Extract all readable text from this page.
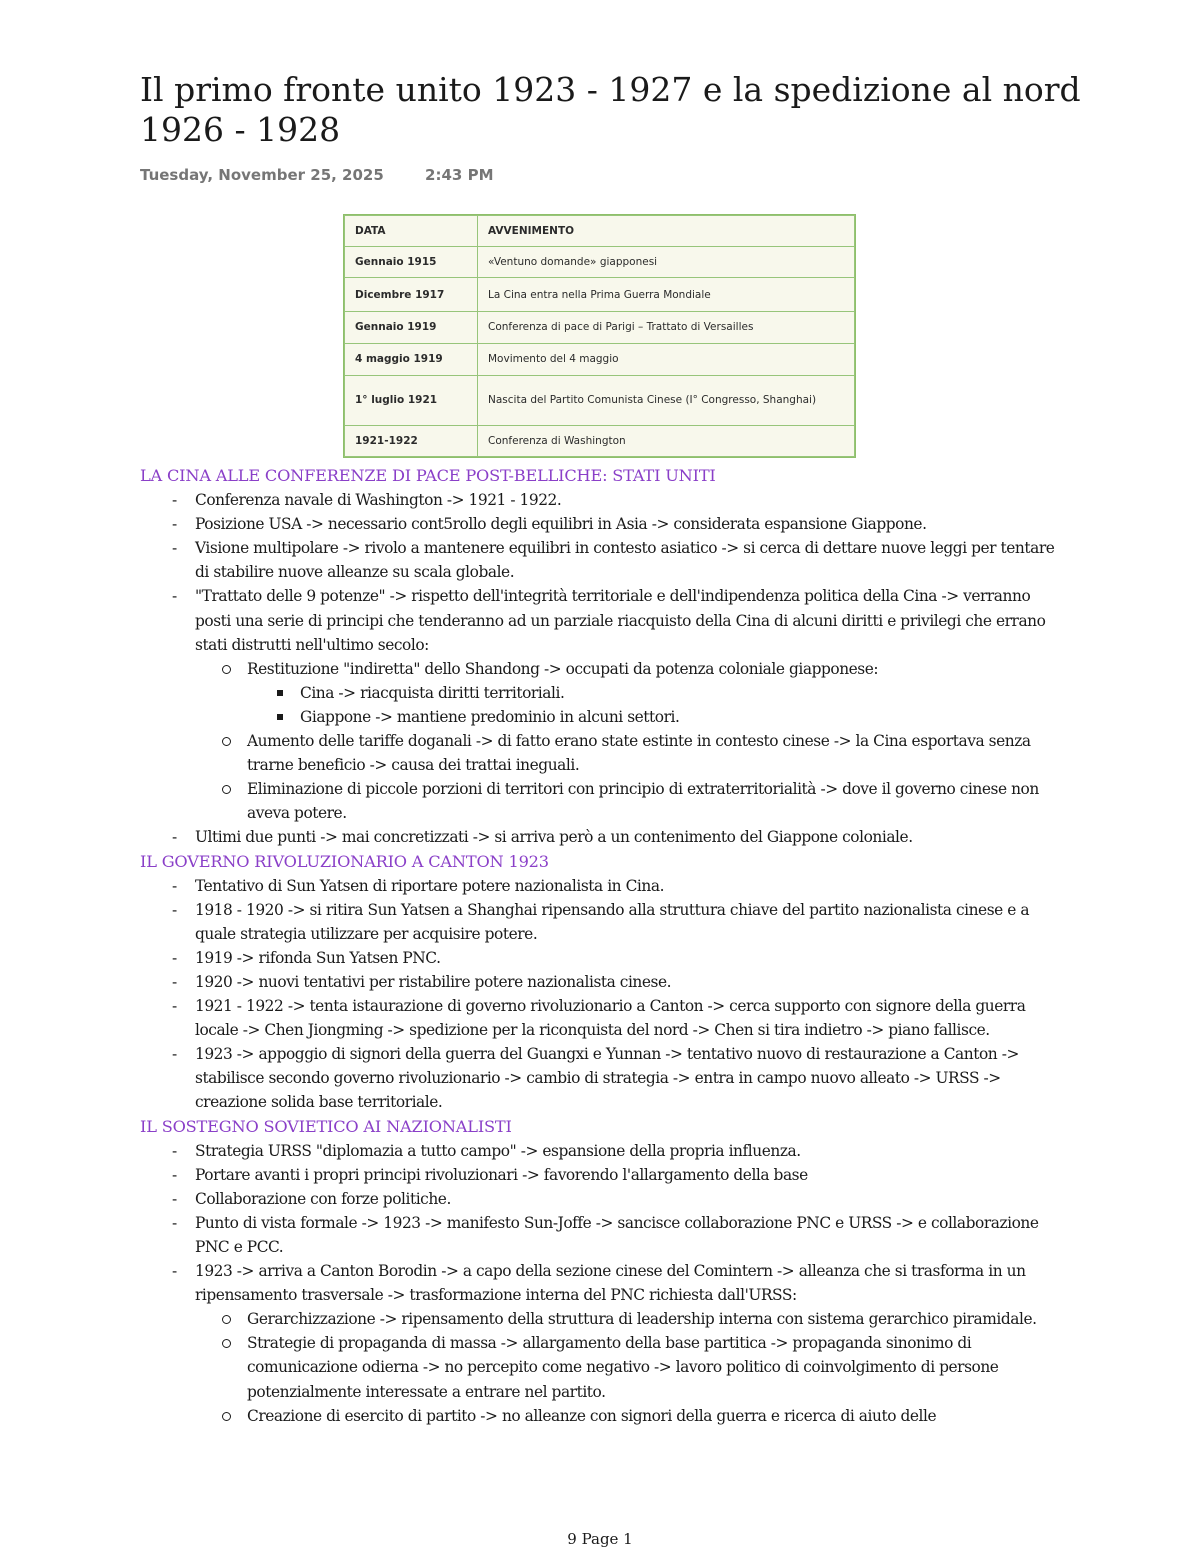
Il primo fronte unito 1923 - 1927 e la spedizione al nord 1926 - 1928
Tuesday, November 25, 2025	2:43 PM
DATA	AVVENIMENTO
Gennaio 1915	«Ventuno domande» giapponesi
Dicembre 1917	La Cina entra nella Prima Guerra Mondiale
Gennaio 1919	Conferenza di pace di Parigi – Trattato di Versailles
4 maggio 1919	Movimento del 4 maggio
1° luglio 1921	Nascita del Partito Comunista Cinese (I° Congresso, Shanghai)
1921-1922	Conferenza di Washington
LA CINA ALLE CONFERENZE DI PACE POST-BELLICHE: STATI UNITI
- Conferenza navale di Washington -> 1921 - 1922.
- Posizione USA -> necessario cont5rollo degli equilibri in Asia -> considerata espansione Giappone.
- Visione multipolare -> rivolo a mantenere equilibri in contesto asiatico -> si cerca di dettare nuove leggi per tentare di stabilire nuove alleanze su scala globale.
- "Trattato delle 9 potenze" -> rispetto dell'integrità territoriale e dell'indipendenza politica della Cina -> verranno posti una serie di principi che tenderanno ad un parziale riacquisto della Cina di alcuni diritti e privilegi che errano stati distrutti nell'ultimo secolo:
Restituzione "indiretta" dello Shandong -> occupati da potenza coloniale giapponese:
Cina -> riacquista diritti territoriali.
Giappone -> mantiene predominio in alcuni settori.
Aumento delle tariffe doganali -> di fatto erano state estinte in contesto cinese -> la Cina esportava senza trarne beneficio -> causa dei trattai ineguali.
Eliminazione di piccole porzioni di territori con principio di extraterritorialità -> dove il governo cinese non aveva potere.
- Ultimi due punti -> mai concretizzati -> si arriva però a un contenimento del Giappone coloniale.
IL GOVERNO RIVOLUZIONARIO A CANTON 1923
- Tentativo di Sun Yatsen di riportare potere nazionalista in Cina.
- 1918 - 1920 -> si ritira Sun Yatsen a Shanghai ripensando alla struttura chiave del partito nazionalista cinese e a quale strategia utilizzare per acquisire potere.
- 1919 -> rifonda Sun Yatsen PNC.
- 1920 -> nuovi tentativi per ristabilire potere nazionalista cinese.
- 1921 - 1922 -> tenta istaurazione di governo rivoluzionario a Canton -> cerca supporto con signore della guerra locale -> Chen Jiongming -> spedizione per la riconquista del nord -> Chen si tira indietro -> piano fallisce.
- 1923 -> appoggio di signori della guerra del Guangxi e Yunnan -> tentativo nuovo di restaurazione a Canton -> stabilisce secondo governo rivoluzionario -> cambio di strategia -> entra in campo nuovo alleato -> URSS -> creazione solida base territoriale.
IL SOSTEGNO SOVIETICO AI NAZIONALISTI
- Strategia URSS "diplomazia a tutto campo" -> espansione della propria influenza.
- Portare avanti i propri principi rivoluzionari -> favorendo l'allargamento della base
- Collaborazione con forze politiche.
- Punto di vista formale -> 1923 -> manifesto Sun-Joffe -> sancisce collaborazione PNC e URSS -> e collaborazione PNC e PCC.
- 1923 -> arriva a Canton Borodin -> a capo della sezione cinese del Comintern -> alleanza che si trasforma in un ripensamento trasversale -> trasformazione interna del PNC richiesta dall'URSS:
Gerarchizzazione -> ripensamento della struttura di leadership interna con sistema gerarchico piramidale.
Strategie di propaganda di massa -> allargamento della base partitica -> propaganda sinonimo di comunicazione odierna -> no percepito come negativo -> lavoro politico di coinvolgimento di persone potenzialmente interessate a entrare nel partito.
Creazione di esercito di partito -> no alleanze con signori della guerra e ricerca di aiuto delle
9 Page 1
